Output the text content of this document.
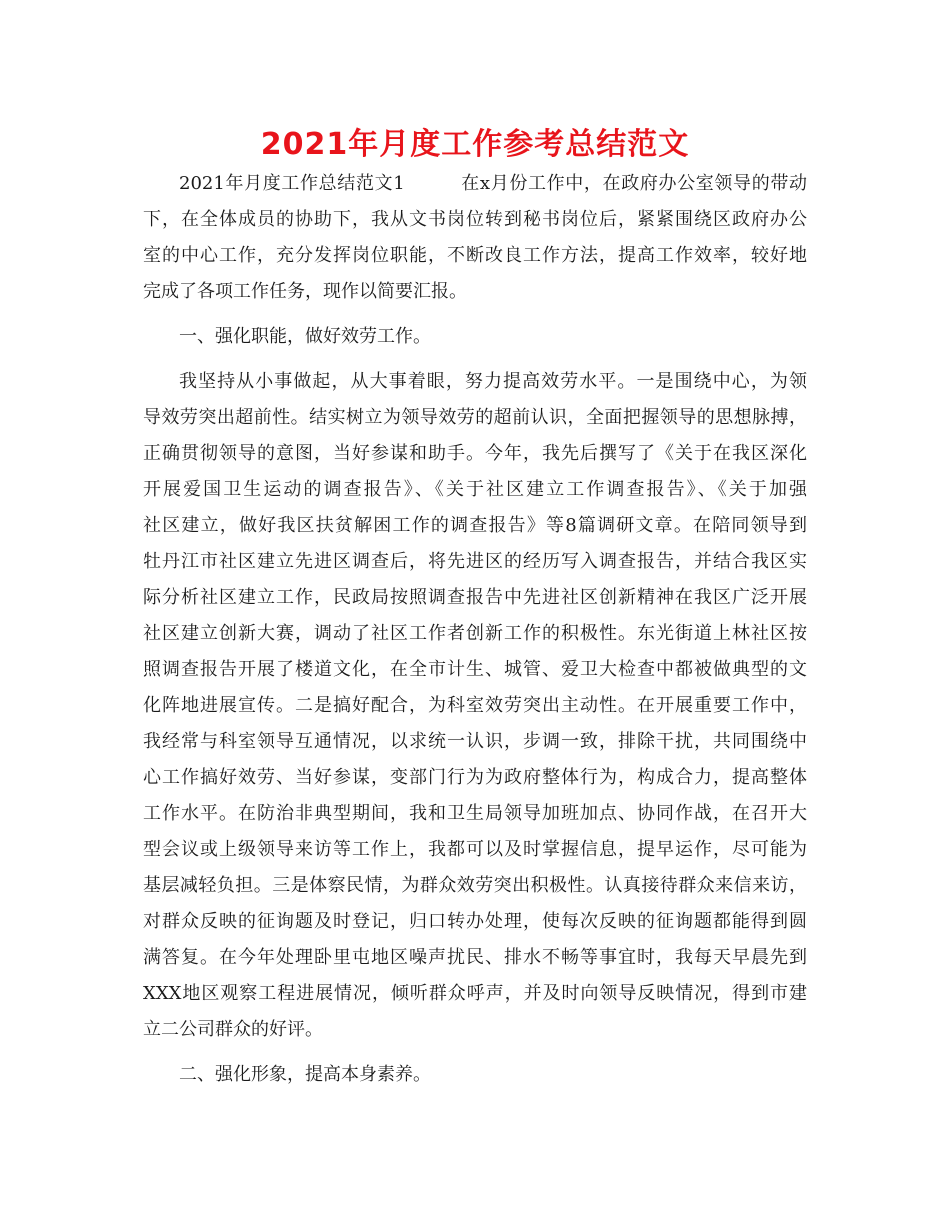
2021年月度工作参考总结范文
2021年月度工作总结范文1　　　在x月份工作中，在政府办公室领导的带动
下，在全体成员的协助下，我从文书岗位转到秘书岗位后，紧紧围绕区政府办公
室的中心工作，充分发挥岗位职能，不断改良工作方法，提高工作效率，较好地
完成了各项工作任务，现作以简要汇报。
一、强化职能，做好效劳工作。
我坚持从小事做起，从大事着眼，努力提高效劳水平。一是围绕中心，为领
导效劳突出超前性。结实树立为领导效劳的超前认识，全面把握领导的思想脉搏，
正确贯彻领导的意图，当好参谋和助手。今年，我先后撰写了《关于在我区深化
开展爱国卫生运动的调查报告》、《关于社区建立工作调查报告》、《关于加强
社区建立，做好我区扶贫解困工作的调查报告》等8篇调研文章。在陪同领导到
牡丹江市社区建立先进区调查后，将先进区的经历写入调查报告，并结合我区实
际分析社区建立工作，民政局按照调查报告中先进社区创新精神在我区广泛开展
社区建立创新大赛，调动了社区工作者创新工作的积极性。东光街道上林社区按
照调查报告开展了楼道文化，在全市计生、城管、爱卫大检查中都被做典型的文
化阵地进展宣传。二是搞好配合，为科室效劳突出主动性。在开展重要工作中，
我经常与科室领导互通情况，以求统一认识，步调一致，排除干扰，共同围绕中
心工作搞好效劳、当好参谋，变部门行为为政府整体行为，构成合力，提高整体
工作水平。在防治非典型期间，我和卫生局领导加班加点、协同作战，在召开大
型会议或上级领导来访等工作上，我都可以及时掌握信息，提早运作，尽可能为
基层减轻负担。三是体察民情，为群众效劳突出积极性。认真接待群众来信来访，
对群众反映的征询题及时登记，归口转办处理，使每次反映的征询题都能得到圆
满答复。在今年处理卧里屯地区噪声扰民、排水不畅等事宜时，我每天早晨先到
XXX地区观察工程进展情况，倾听群众呼声，并及时向领导反映情况，得到市建
立二公司群众的好评。
二、强化形象，提高本身素养。
